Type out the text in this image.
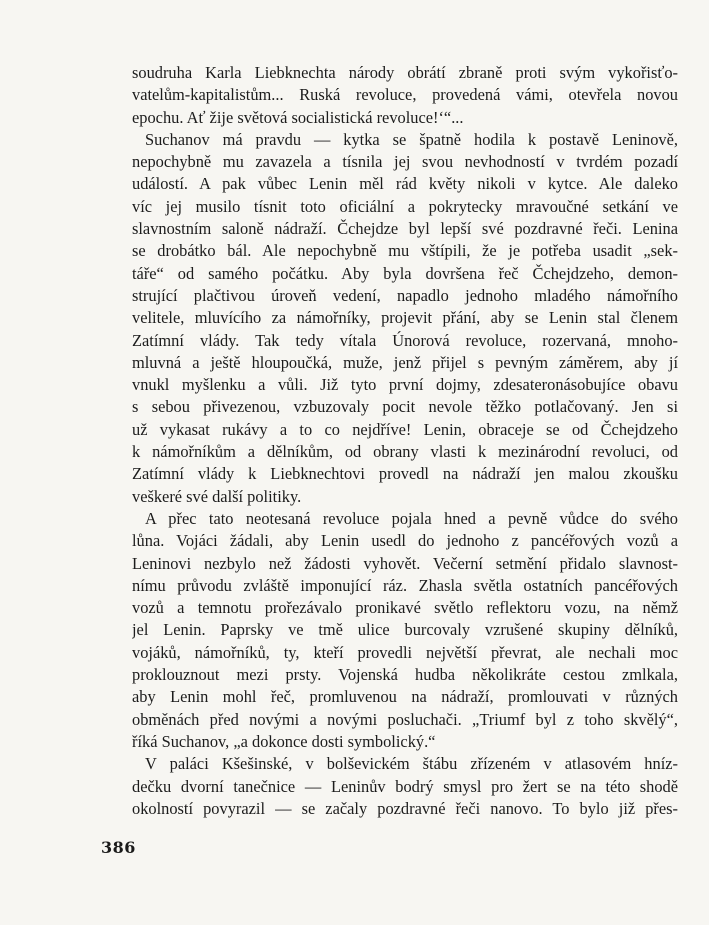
soudruha Karla Liebknechta národy obrátí zbraně proti svým vykořisťo-
vatelům-kapitalistům... Ruská revoluce, provedená vámi, otevřela novou
epochu. Ať žije světová socialistická revoluce!‘“...
Suchanov má pravdu — kytka se špatně hodila k postavě Leninově,
nepochybně mu zavazela a tísnila jej svou nevhodností v tvrdém pozadí
událostí. A pak vůbec Lenin měl rád květy nikoli v kytce. Ale daleko
víc jej musilo tísnit toto oficiální a pokrytecky mravoučné setkání ve
slavnostním saloně nádraží. Čchejdze byl lepší své pozdravné řeči. Lenina
se drobátko bál. Ale nepochybně mu vštípili, že je potřeba usadit „sek-
táře“ od samého počátku. Aby byla dovršena řeč Čchejdzeho, demon-
strující plačtivou úroveň vedení, napadlo jednoho mladého námořního
velitele, mluvícího za námořníky, projevit přání, aby se Lenin stal členem
Zatímní vlády. Tak tedy vítala Únorová revoluce, rozervaná, mnoho-
mluvná a ještě hloupoučká, muže, jenž přijel s pevným záměrem, aby jí
vnukl myšlenku a vůli. Již tyto první dojmy, zdesateronásobujíce obavu
s sebou přivezenou, vzbuzovaly pocit nevole těžko potlačovaný. Jen si
už vykasat rukávy a to co nejdříve! Lenin, obraceje se od Čchejdzeho
k námořníkům a dělníkům, od obrany vlasti k mezinárodní revoluci, od
Zatímní vlády k Liebknechtovi provedl na nádraží jen malou zkoušku
veškeré své další politiky.
A přec tato neotesaná revoluce pojala hned a pevně vůdce do svého
lůna. Vojáci žádali, aby Lenin usedl do jednoho z pancéřových vozů a
Leninovi nezbylo než žádosti vyhovět. Večerní setmění přidalo slavnost-
nímu průvodu zvláště imponující ráz. Zhasla světla ostatních pancéřových
vozů a temnotu prořezávalo pronikavé světlo reflektoru vozu, na němž
jel Lenin. Paprsky ve tmě ulice burcovaly vzrušené skupiny dělníků,
vojáků, námořníků, ty, kteří provedli největší převrat, ale nechali moc
proklouznout mezi prsty. Vojenská hudba několikráte cestou zmlkala,
aby Lenin mohl řeč, promluvenou na nádraží, promlouvati v různých
obměnách před novými a novými posluchači. „Triumf byl z toho skvělý“,
říká Suchanov, „a dokonce dosti symbolický.“
V paláci Kšešinské, v bolševickém štábu zřízeném v atlasovém hníz-
dečku dvorní tanečnice — Leninův bodrý smysl pro žert se na této shodě
okolností povyrazil — se začaly pozdravné řeči nanovo. To bylo již přes-
386
